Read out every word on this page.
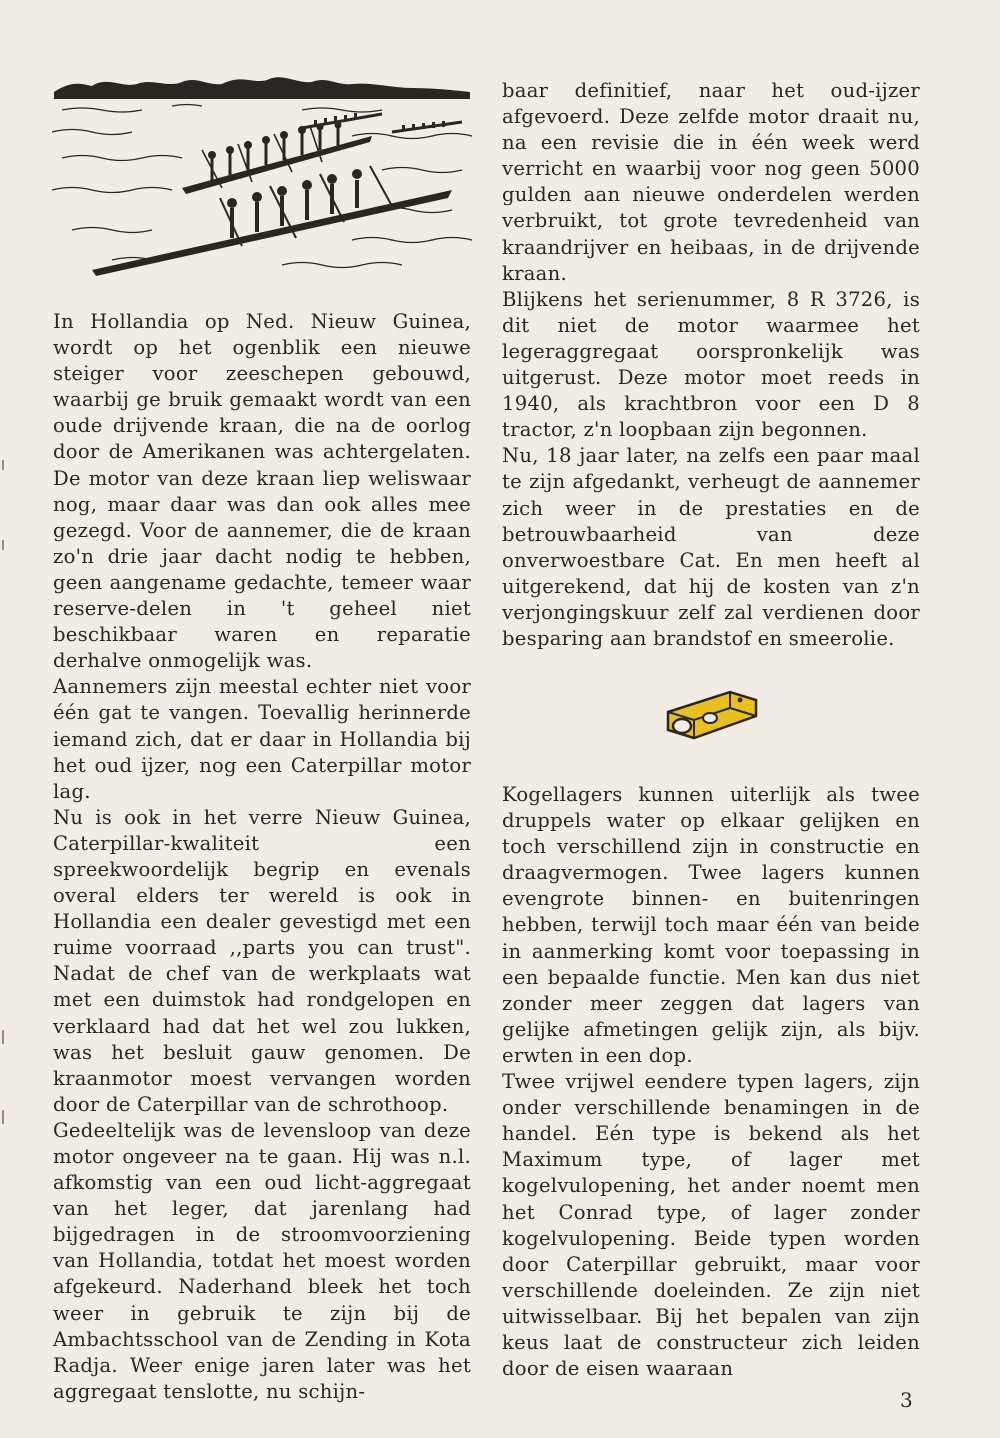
In Hollandia op Ned. Nieuw Guinea, wordt op het ogenblik een nieuwe steiger voor zeeschepen gebouwd, waarbij ge bruik gemaakt wordt van een oude drijvende kraan, die na de oorlog door de Amerikanen was achtergelaten. De motor van deze kraan liep weliswaar nog, maar daar was dan ook alles mee gezegd. Voor de aannemer, die de kraan zo'n drie jaar dacht nodig te hebben, geen aangename gedachte, temeer waar reserve-delen in 't geheel niet beschikbaar waren en reparatie derhalve onmogelijk was.

Aannemers zijn meestal echter niet voor één gat te vangen. Toevallig herinnerde iemand zich, dat er daar in Hollandia bij het oud ijzer, nog een Caterpillar motor lag.

Nu is ook in het verre Nieuw Guinea, Caterpillar-kwaliteit een spreekwoordelijk begrip en evenals overal elders ter wereld is ook in Hollandia een dealer gevestigd met een ruime voorraad ,,parts you can trust". Nadat de chef van de werkplaats wat met een duimstok had rondgelopen en verklaard had dat het wel zou lukken, was het besluit gauw genomen. De kraanmotor moest vervangen worden door de Caterpillar van de schrothoop.

Gedeeltelijk was de levensloop van deze motor ongeveer na te gaan. Hij was n.l. afkomstig van een oud licht-aggregaat van het leger, dat jarenlang had bijgedragen in de stroomvoorziening van Hollandia, totdat het moest worden afgekeurd. Naderhand bleek het toch weer in gebruik te zijn bij de Ambachtsschool van de Zending in Kota Radja. Weer enige jaren later was het aggregaat tenslotte, nu schijn-

baar definitief, naar het oud-ijzer afgevoerd. Deze zelfde motor draait nu, na een revisie die in één week werd verricht en waarbij voor nog geen 5000 gulden aan nieuwe onderdelen werden verbruikt, tot grote tevredenheid van kraandrijver en heibaas, in de drijvende kraan.

Blijkens het serienummer, 8 R 3726, is dit niet de motor waarmee het legeraggregaat oorspronkelijk was uitgerust. Deze motor moet reeds in 1940, als krachtbron voor een D 8 tractor, z'n loopbaan zijn begonnen.

Nu, 18 jaar later, na zelfs een paar maal te zijn afgedankt, verheugt de aannemer zich weer in de prestaties en de betrouwbaarheid van deze onverwoestbare Cat. En men heeft al uitgerekend, dat hij de kosten van z'n verjongingskuur zelf zal verdienen door besparing aan brandstof en smeerolie.

Kogellagers kunnen uiterlijk als twee druppels water op elkaar gelijken en toch verschillend zijn in constructie en draagvermogen. Twee lagers kunnen evengrote binnen- en buitenringen hebben, terwijl toch maar één van beide in aanmerking komt voor toepassing in een bepaalde functie. Men kan dus niet zonder meer zeggen dat lagers van gelijke afmetingen gelijk zijn, als bijv. erwten in een dop.

Twee vrijwel eendere typen lagers, zijn onder verschillende benamingen in de handel. Eén type is bekend als het Maximum type, of lager met kogelvulopening, het ander noemt men het Conrad type, of lager zonder kogelvulopening. Beide typen worden door Caterpillar gebruikt, maar voor verschillende doeleinden. Ze zijn niet uitwisselbaar. Bij het bepalen van zijn keus laat de constructeur zich leiden door de eisen waaraan

3
